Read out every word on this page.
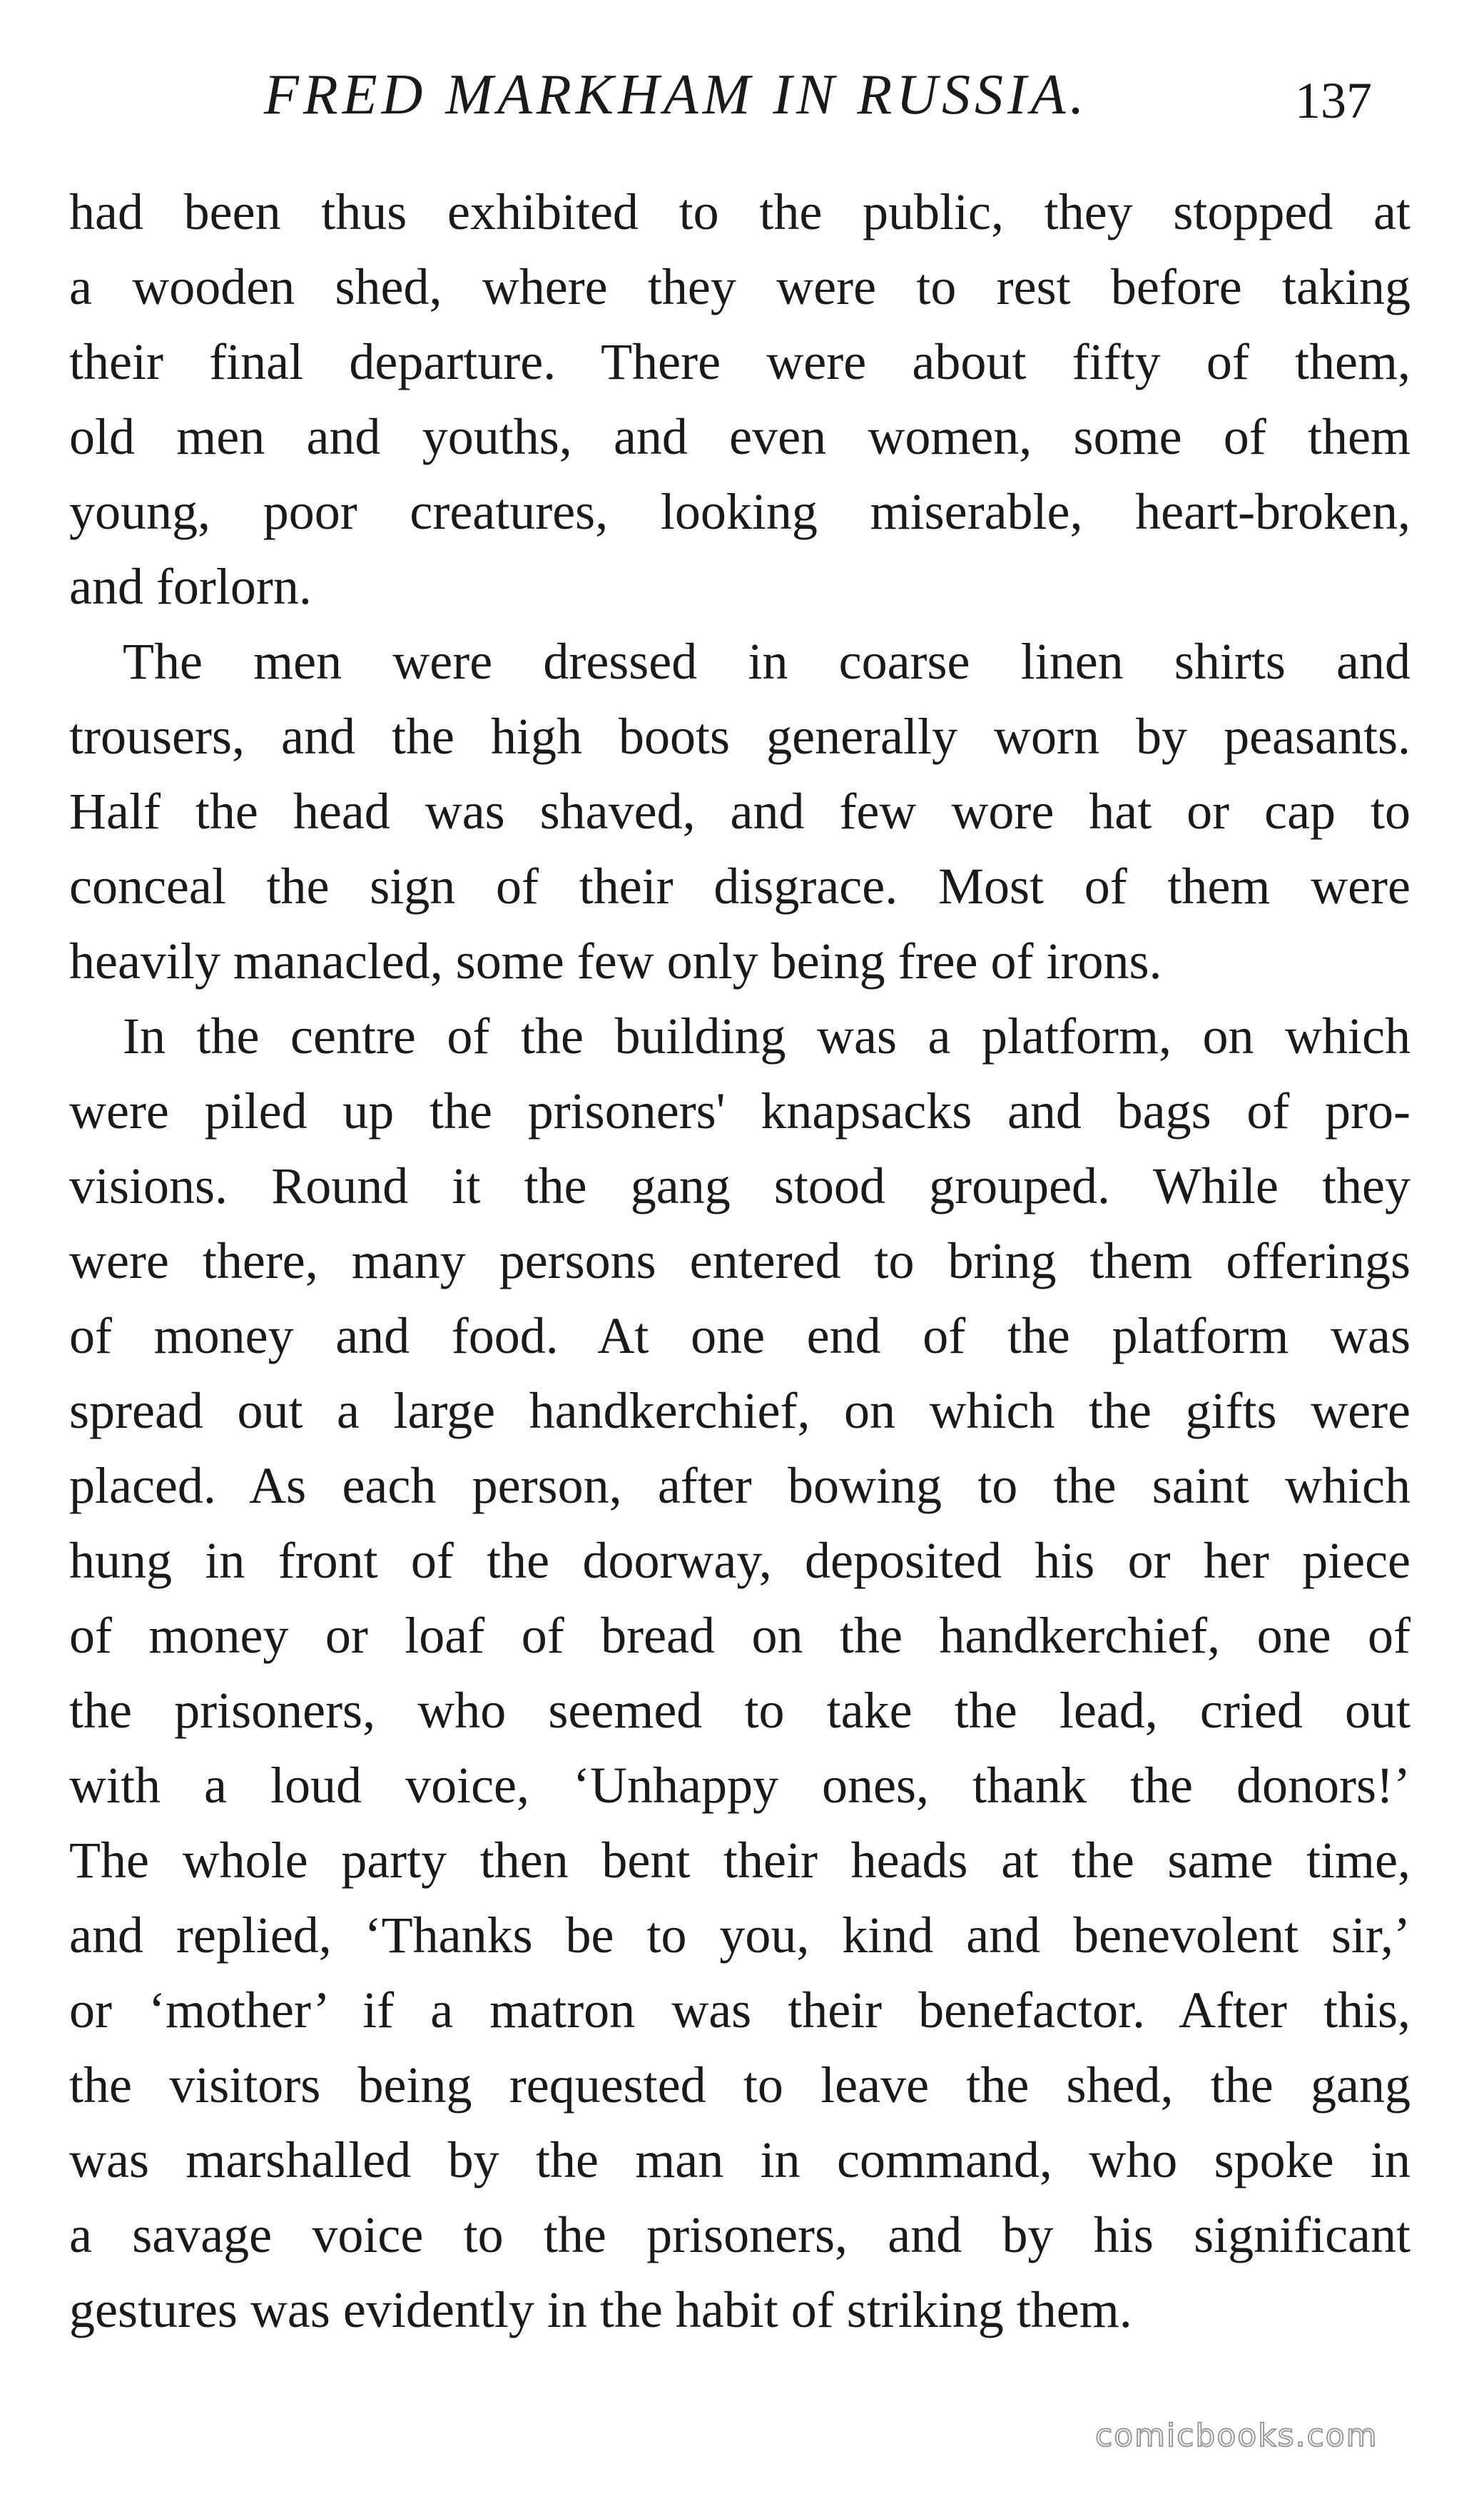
FRED MARKHAM IN RUSSIA.	137
had been thus exhibited to the public, they stopped at
a wooden shed, where they were to rest before taking
their final departure. There were about fifty of them,
old men and youths, and even women, some of them
young, poor creatures, looking miserable, heart-broken,
and forlorn.
The men were dressed in coarse linen shirts and
trousers, and the high boots generally worn by peasants.
Half the head was shaved, and few wore hat or cap to
conceal the sign of their disgrace. Most of them were
heavily manacled, some few only being free of irons.
In the centre of the building was a platform, on which
were piled up the prisoners' knapsacks and bags of pro-
visions. Round it the gang stood grouped. While they
were there, many persons entered to bring them offerings
of money and food. At one end of the platform was
spread out a large handkerchief, on which the gifts were
placed. As each person, after bowing to the saint which
hung in front of the doorway, deposited his or her piece
of money or loaf of bread on the handkerchief, one of
the prisoners, who seemed to take the lead, cried out
with a loud voice, ‘Unhappy ones, thank the donors!’
The whole party then bent their heads at the same time,
and replied, ‘Thanks be to you, kind and benevolent sir,’
or ‘mother’ if a matron was their benefactor. After this,
the visitors being requested to leave the shed, the gang
was marshalled by the man in command, who spoke in
a savage voice to the prisoners, and by his significant
gestures was evidently in the habit of striking them.
comicbooks.com
